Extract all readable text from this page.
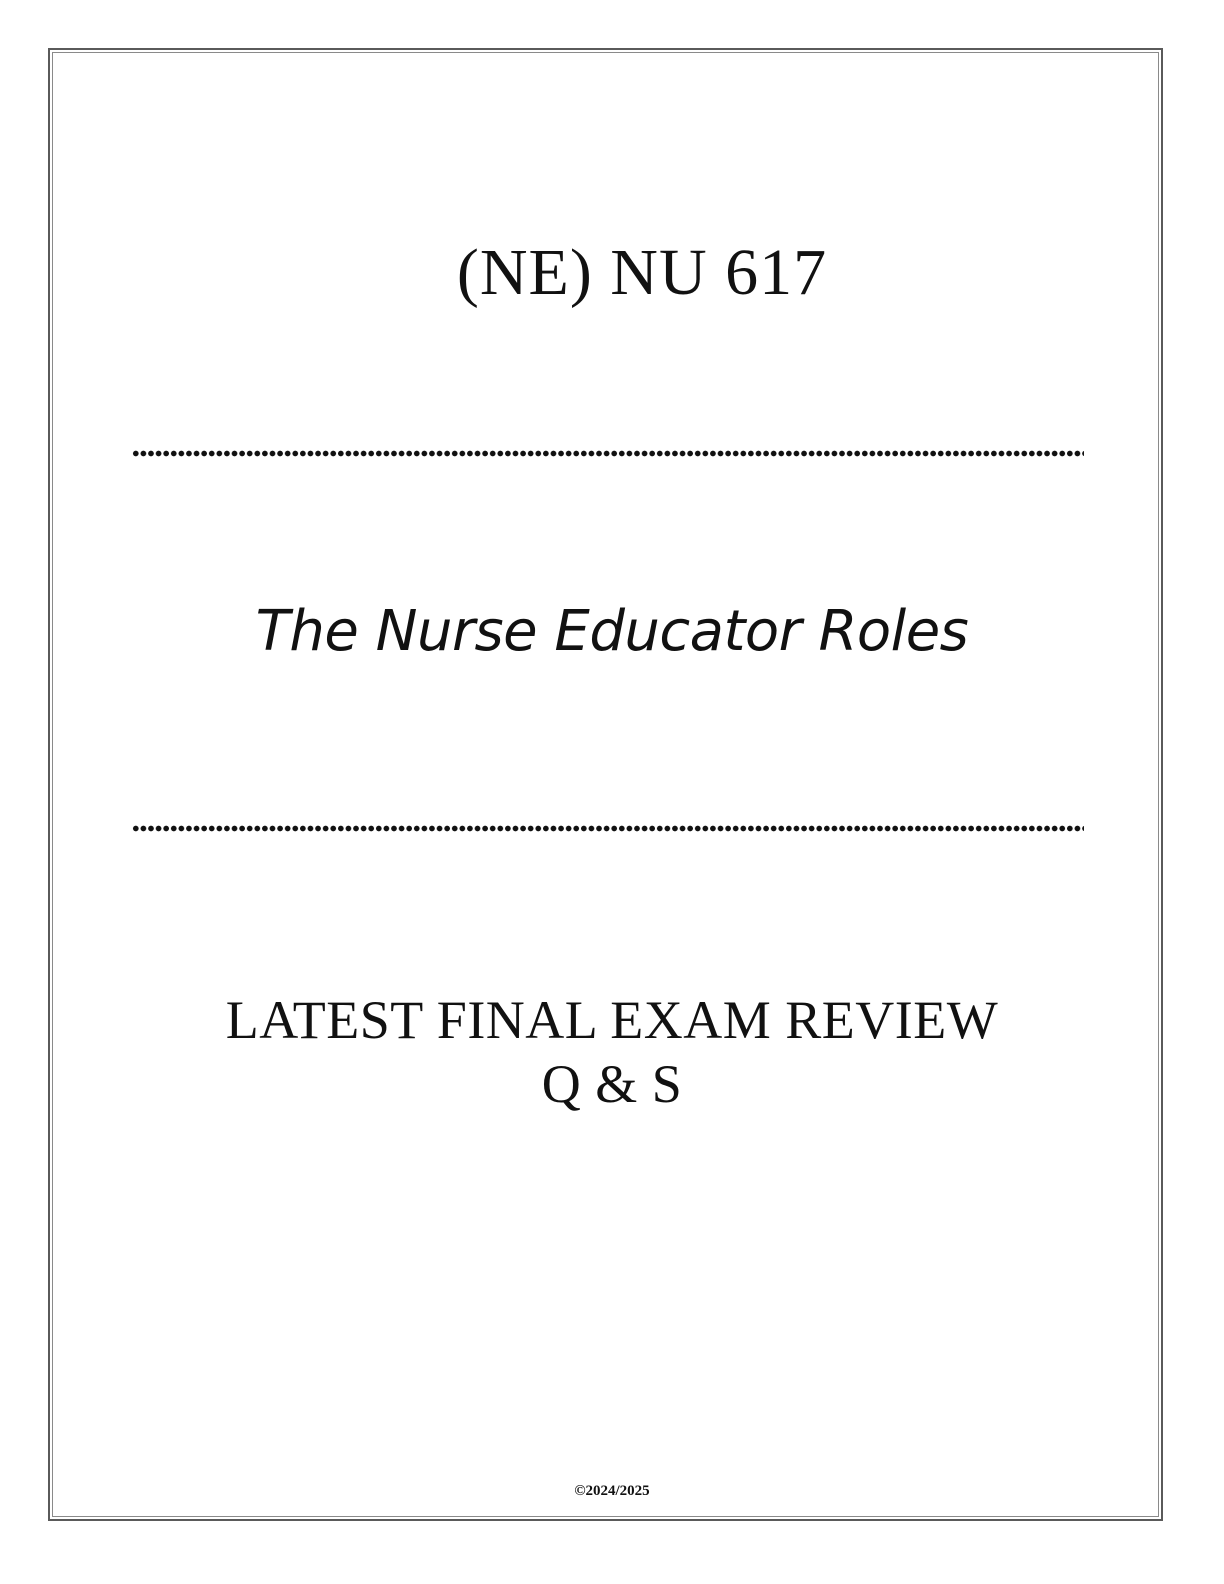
(NE) NU 617
The Nurse Educator Roles
LATEST FINAL EXAM REVIEW
Q & S
©2024/2025
